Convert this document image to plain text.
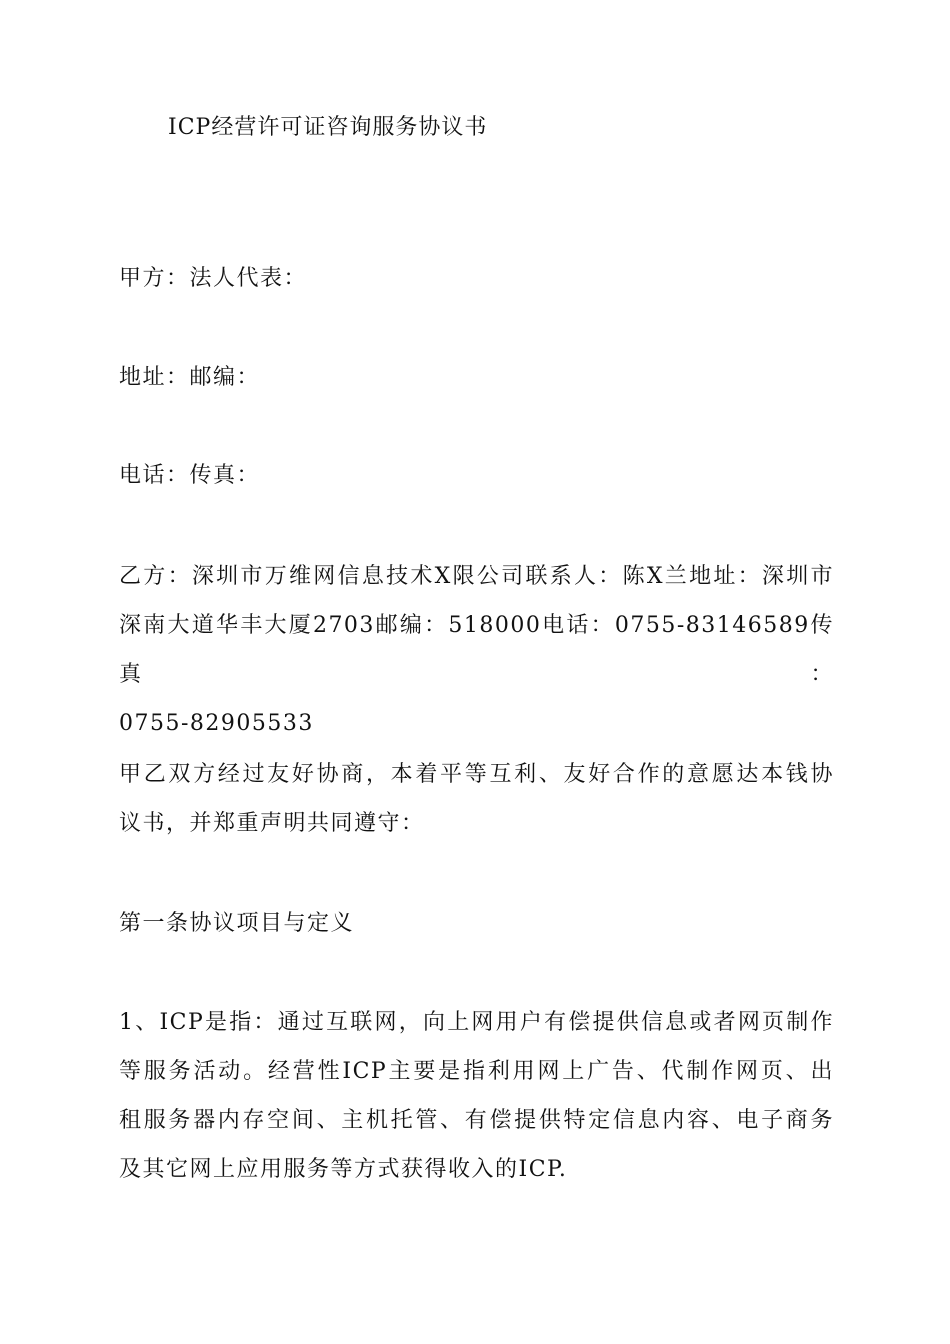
ICP经营许可证咨询服务协议书
甲方：法人代表：
地址：邮编：
电话：传真：
乙方：深圳市万维网信息技术X限公司联系人：陈X兰地址：深圳市
深南大道华丰大厦2703邮编：518000电话：0755-83146589传真：
0755-82905533
甲乙双方经过友好协商，本着平等互利、友好合作的意愿达本钱协
议书，并郑重声明共同遵守：
第一条协议项目与定义
1、ICP是指：通过互联网，向上网用户有偿提供信息或者网页制作
等服务活动。经营性ICP主要是指利用网上广告、代制作网页、出
租服务器内存空间、主机托管、有偿提供特定信息内容、电子商务
及其它网上应用服务等方式获得收入的ICP.
